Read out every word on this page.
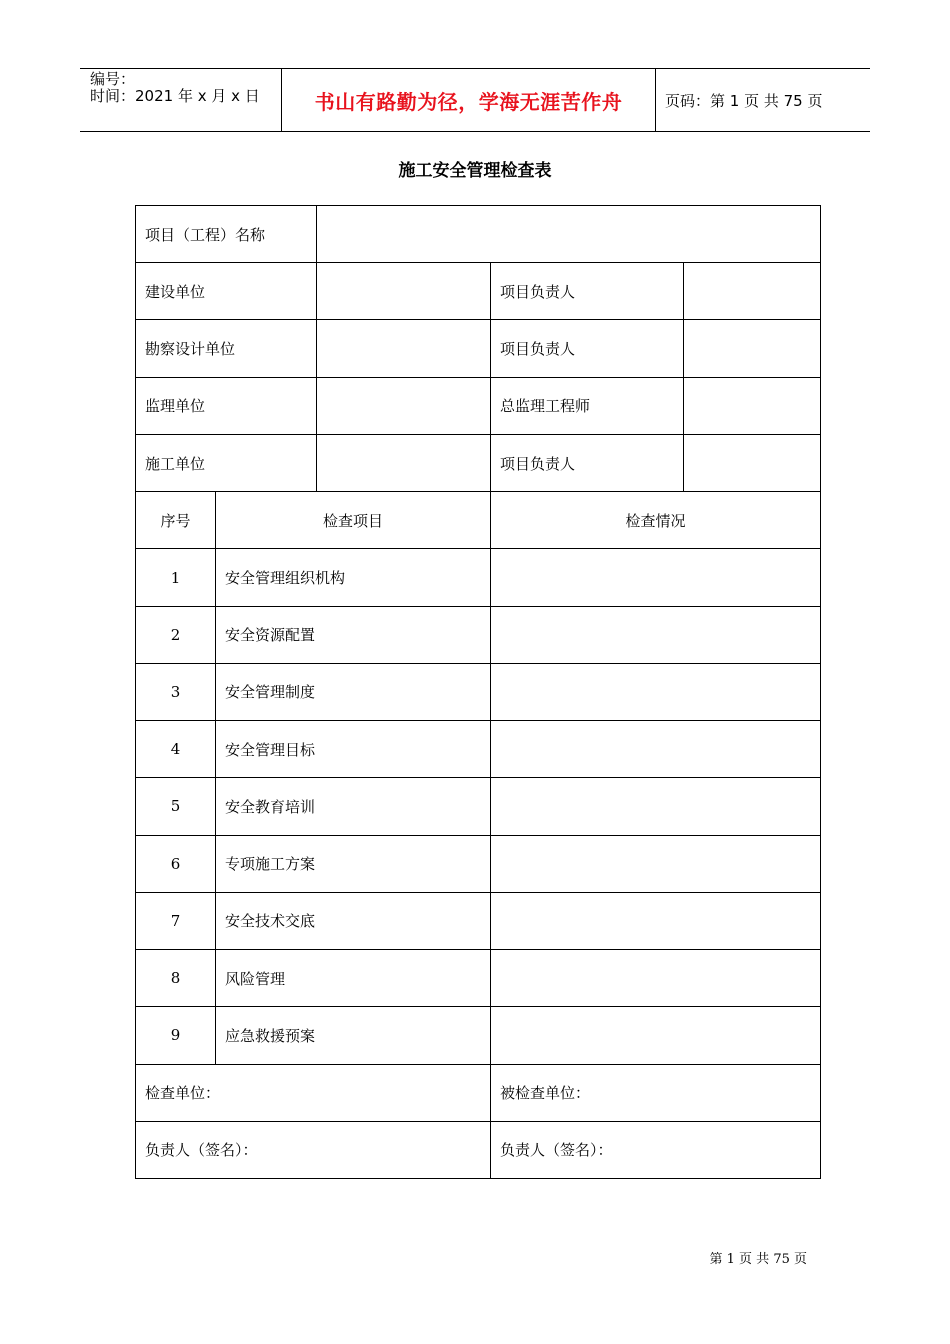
编号：
时间：2021 年 x 月 x 日	书山有路勤为径，学海无涯苦作舟	页码：第 1 页 共 75 页
施工安全管理检查表
项目（工程）名称				
建设单位			项目负责人	
勘察设计单位			项目负责人	
监理单位			总监理工程师	
施工单位			项目负责人	
序号	检查项目		检查情况	
1	安全管理组织机构			
2	安全资源配置			
3	安全管理制度			
4	安全管理目标			
5	安全教育培训			
6	专项施工方案			
7	安全技术交底			
8	风险管理			
9	应急救援预案			
检查单位：			被检查单位：	
负责人（签名）：			负责人（签名）：	
第 1 页 共 75 页
